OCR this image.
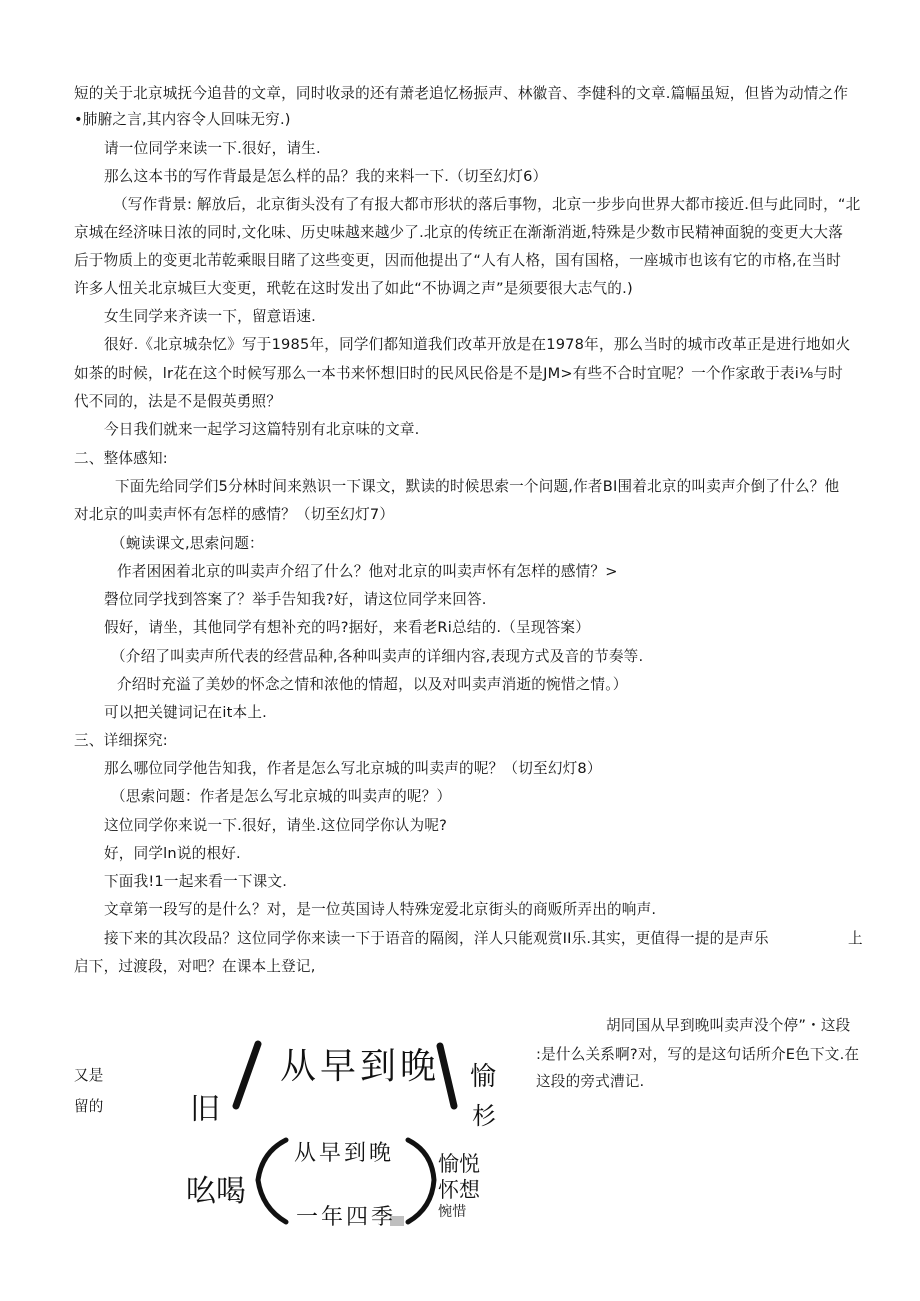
短的关于北京城抚今追昔的文章，同时收录的还有萧老追忆杨振声、林徽音、李健科的文章.篇幅虽短，但皆为动情之作
•肺腑之言,其内容令人回味无穷.)
请一位同学来读一下.很好，请生.
那么这本书的写作背最是怎么样的品？我的来料一下.（切至幻灯6）
（写作背景: 解放后，北京街头没有了有报大都市形状的落后事物，北京一步步向世界大都市接近.但与此同时，“北
京城在经济味日浓的同时,文化味、历史味越来越少了.北京的传统正在渐渐消逝,特殊是少数市民精神面貌的变更大大落
后于物质上的变更北芾乾乘眼目睹了这些变更，因而他提出了“人有人格，国有国格，一座城市也该有它的市格,在当时
许多人忸关北京城巨大变更，玳乾在这时发出了如此“不协调之声”是须要很大志气的.)
女生同学来齐读一下，留意语速.
很好.《北京城杂忆》写于1985年，同学们都知道我们改革开放是在1978年，那么当时的城市改革正是进行地如火
如茶的时候，lr花在这个时候写那么一本书来怀想旧时的民风民俗是不是JM>有些不合时宜呢？一个作家敢于表i⅛与时
代不同的，法是不是假英勇照？
今日我们就来一起学习这篇特别有北京味的文章.
二、整体感知:
下面先给同学们5分林时间来熟识一下课文，默读的时候思索一个问题,作者BI围着北京的叫卖声介倒了什么？他
对北京的叫卖声怀有怎样的感情？（切至幻灯7）
（蜿读课文,思索问题：
作者困困着北京的叫卖声介绍了什么？他对北京的叫卖声怀有怎样的感情？>
磬位同学找到答案了？举手告知我?好，请这位同学来回答.
假好，请坐，其他同学有想补充的吗?据好，来看老Ri总结的.（呈现答案）
（介绍了叫卖声所代表的经营品种,各种叫卖声的详细内容,表现方式及音的节奏等.
介绍时充溢了美妙的怀念之情和浓他的情超，以及对叫卖声消逝的惋惜之情。）
可以把关键词记在it本上.
三、详细探究:
那么哪位同学他告知我，作者是怎么写北京城的叫卖声的呢？（切至幻灯8）
（思索问题：作者是怎么写北京城的叫卖声的呢？）
这位同学你来说一下.很好，请坐.这位同学你认为呢?
好，同学ln说的根好.
下面我!1一起来看一下课文.
文章第一段写的是什么？对，是一位英国诗人特殊宠爱北京街头的商贩所弄出的响声.
接下来的其次段品？这位同学你来读一下于语音的隔阂，洋人只能观赏II乐.其实，更值得一提的是声乐	上
启下，过渡段，对吧？在课本上登记,
胡同国从早到晚叫卖声没个停”・这段
:是什么关系啊?对，写的是这句话所介E色下文.在
这段的旁式漕记.
又是
留的	旧
从早到晚 愉
杉
吆喝
从早到晚
一年四季
愉悦
怀想
惋惜
